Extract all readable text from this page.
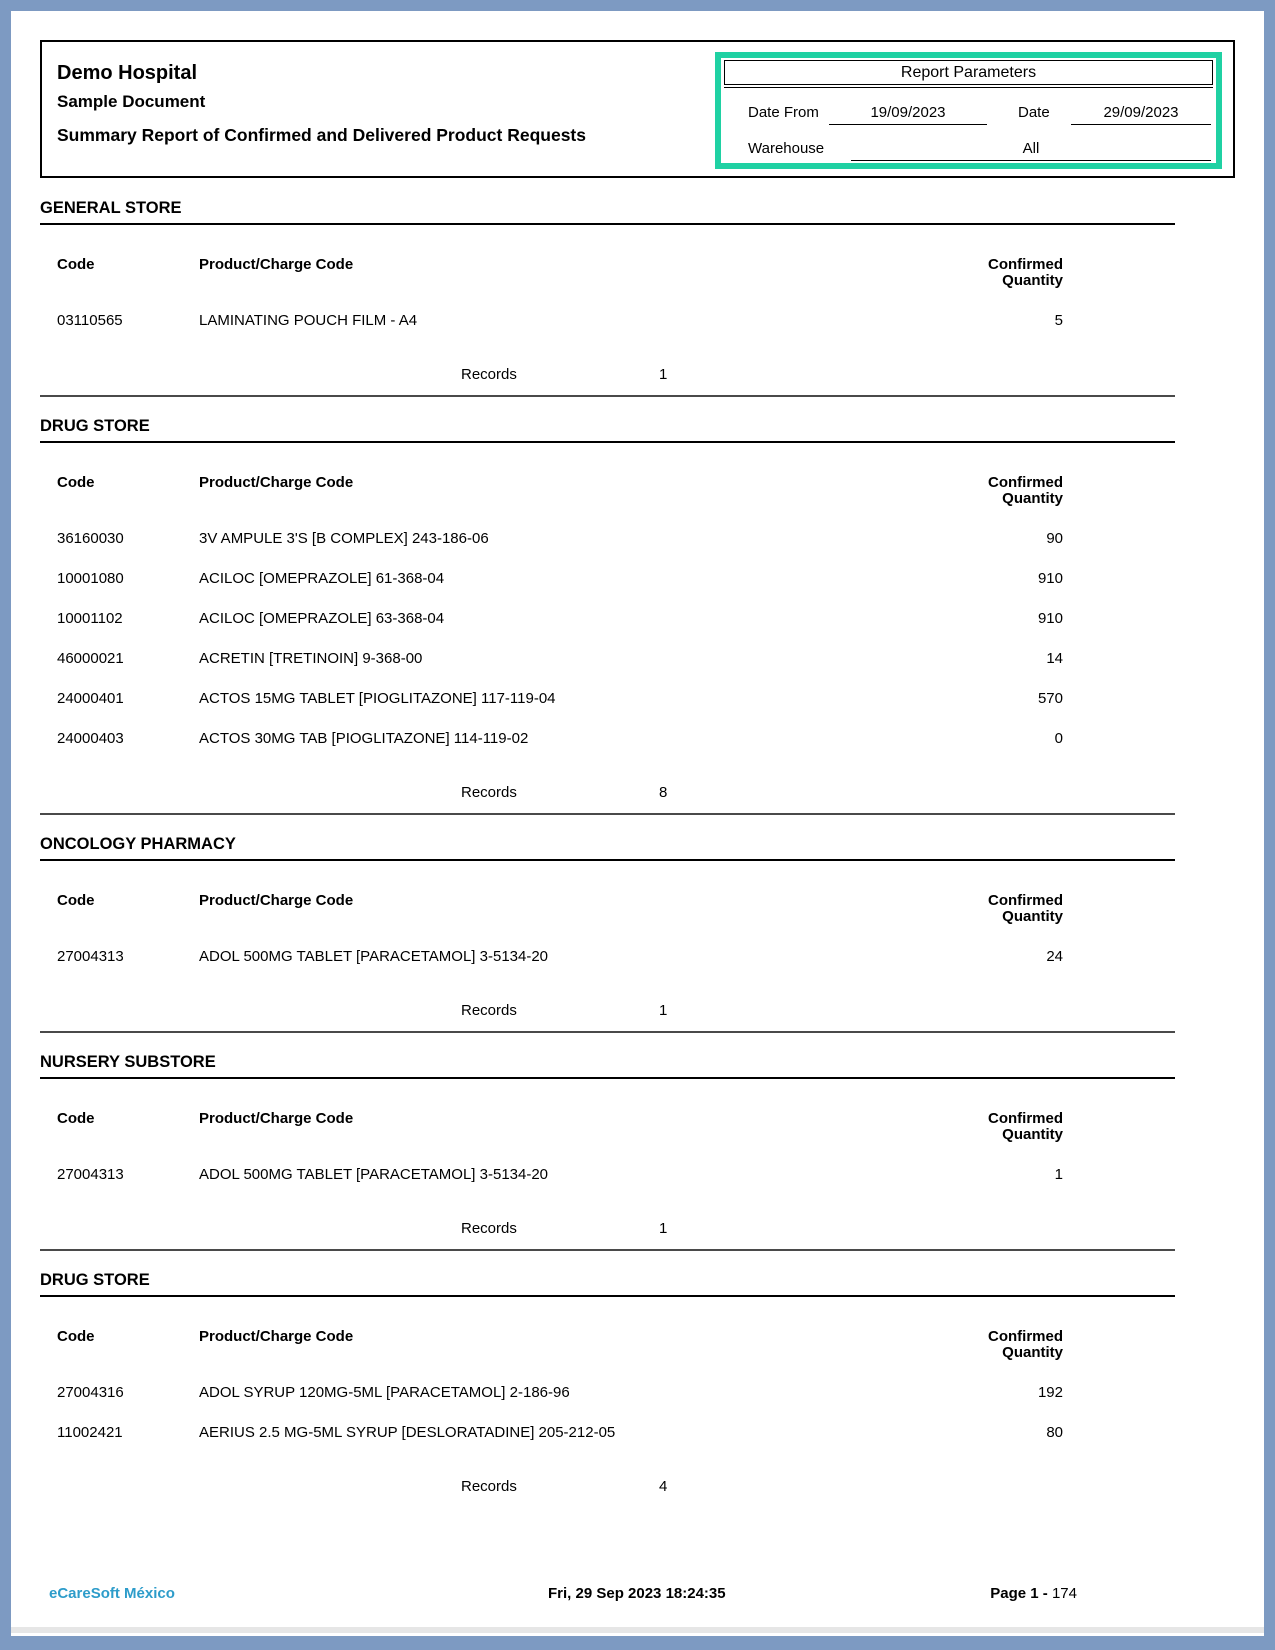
Demo Hospital
Sample Document
Summary Report of Confirmed and Delivered Product Requests
Report Parameters
Date From	19/09/2023	Date	29/09/2023
Warehouse	All
GENERAL STORE
Code	Product/Charge Code	Confirmed Quantity
03110565	LAMINATING POUCH FILM - A4	5
Records	1
DRUG STORE
Code	Product/Charge Code	Confirmed Quantity
36160030	3V AMPULE 3'S [B COMPLEX] 243-186-06	90
10001080	ACILOC [OMEPRAZOLE] 61-368-04	910
10001102	ACILOC [OMEPRAZOLE] 63-368-04	910
46000021	ACRETIN [TRETINOIN] 9-368-00	14
24000401	ACTOS 15MG TABLET [PIOGLITAZONE] 117-119-04	570
24000403	ACTOS 30MG TAB [PIOGLITAZONE] 114-119-02	0
Records	8
ONCOLOGY PHARMACY
Code	Product/Charge Code	Confirmed Quantity
27004313	ADOL 500MG TABLET [PARACETAMOL] 3-5134-20	24
Records	1
NURSERY SUBSTORE
Code	Product/Charge Code	Confirmed Quantity
27004313	ADOL 500MG TABLET [PARACETAMOL] 3-5134-20	1
Records	1
DRUG STORE
Code	Product/Charge Code	Confirmed Quantity
27004316	ADOL SYRUP 120MG-5ML [PARACETAMOL] 2-186-96	192
11002421	AERIUS 2.5 MG-5ML SYRUP [DESLORATADINE] 205-212-05	80
Records	4
eCareSoft México	Fri, 29 Sep 2023 18:24:35	Page 1 - 174
